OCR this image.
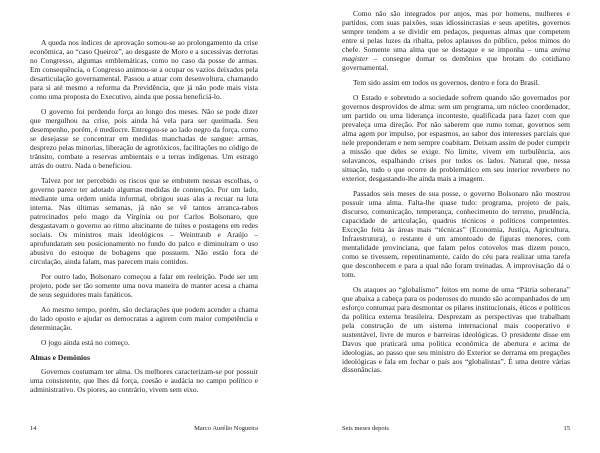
A queda nos índices de aprovação somou-se ao prolongamento da crise econômica, ao “caso Queiroz”, ao desgaste de Moro e a sucessivas derrotas no Congresso, algumas emblemáticas, como no caso da posse de armas. Em consequência, o Congresso animou-se a ocupar os vazios deixados pela desarticulação governamental. Passou a atuar com desenvoltura, chamando para si até mesmo a reforma da Previdência, que já não pode mais vista como uma proposta do Executivo, ainda que possa beneficiá-lo.

O governo foi perdendo força ao longo dos meses. Não se pode dizer que mergulhou na crise, pois ainda há vela para ser queimada. Seu desempenho, porém, é medíocre. Entregou-se ao lado negro da força, como se desejasse se concentrar em medidas manchadas de sangue: armas, desprezo pelas minorias, liberação de agrotóxicos, facilitações no código de trânsito, combate a reservas ambientais e a terras indígenas. Um estrago atrás do outro. Nada o beneficiou.

Talvez por ter percebido os riscos que se embutem nessas escolhas, o governo parece ter adotado algumas medidas de contenção. Por um lado, mediante uma ordem unida informal, obrigou suas alas a recuar na luta interna. Nas últimas semanas, já não se vê tantos arranca-rabos patrocinados pelo mago da Virgínia ou por Carlos Bolsonaro, que desgastavam o governo ao ritmo alucinante de tuítes e postagens em redes sociais. Os ministros mais ideológicos – Weintraub e Araújo – aprofundaram seu posicionamento no fundo do palco e diminuíram o uso abusivo do estoque de bobagens que possuem. Não estão fora de circulação, ainda falam, mas parecem mais contidos.

Por outro lado, Bolsonaro começou a falar em reeleição. Pode ser um projeto, pode ser tão somente uma nova maneira de manter acesa a chama de seus seguidores mais fanáticos.

Ao mesmo tempo, porém, são declarações que podem acender a chama do lado oposto e ajudar os democratas a agirem com maior competência e determinação.

O jogo ainda está no começo.

Almas e Demônios

Governos costumam ter alma. Os melhores caracterizam-se por possuir uma consistente, que lhes dá força, coesão e audácia no campo político e administrativo. Os piores, ao contrário, vivem sem eixo.

14	Marco Aurélio Nogueira

Como não são integrados por anjos, mas por homens, mulheres e partidos, com suas paixões, suas idiossincrasias e seus apetites, governos sempre tendem a se dividir em pedaços, pequenas almas que competem entre si pelas luzes da ribalta, pelos aplausos do público, pelos mimos do chefe. Somente uma alma que se destaque e se imponha – uma anima magister – consegue domar os demônios que brotam do cotidiano governamental.

Tem sido assim em todos os governos, dentro e fora do Brasil.

O Estado e sobretudo a sociedade sofrem quando são governados por governos desprovidos de alma: sem um programa, um núcleo coordenador, um partido ou uma liderança inconteste, qualificada para fazer com que prevaleça uma direção. Por não saberem que rumo tomar, governos sem alma agem por impulso, por espasmos, ao sabor dos interesses parciais que nele preponderam e nem sempre coabitam. Deixam assim de poder cumprir a missão que deles se exige. No limite, vivem em turbulência, aos solavancos, espalhando crises por todos os lados. Natural que, nessa situação, tudo o que ocorre de problemático em seu interior reverbere no exterior, desgastando-lhe ainda mais a imagem.

Passados seis meses de sua posse, o governo Bolsonaro não mostrou possuir uma alma. Falta-lhe quase tudo: programa, projeto de país, discurso, comunicação, temperança, conhecimento do terreno, prudência, capacidade de articulação, quadros técnicos e políticos competentes. Exceção feita às áreas mais “técnicas” (Economia, Justiça, Agricultura, Infraestrutura), o restante é um amontoado de figuras menores, com mentalidade provinciana, que falam pelos cotovelos mas dizem pouco, como se tivessem, repentinamente, caído do céu para realizar uma tarefa que desconhecem e para a qual não foram treinadas. A improvisação dá o tom.

Os ataques ao “globalismo” feitos em nome de uma “Pátria soberana” que abaixa a cabeça para os poderosos do mundo são acompanhados de um esforço contumaz para desmontar os pilares institucionais, éticos e políticos da política externa brasileira. Desprezam as perspectivas que trabalham pela construção de um sistema internacional mais cooperativo e sustentável, livre de muros e barreiras ideológicas. O presidente disse em Davos que praticará uma política econômica de abertura e acima de ideologias, ao passo que seu ministro do Exterior se derrama em pregações ideológicas e fala em fechar o país aos “globalistas”. É uma dentre várias dissonâncias.

Seis meses depois	15
